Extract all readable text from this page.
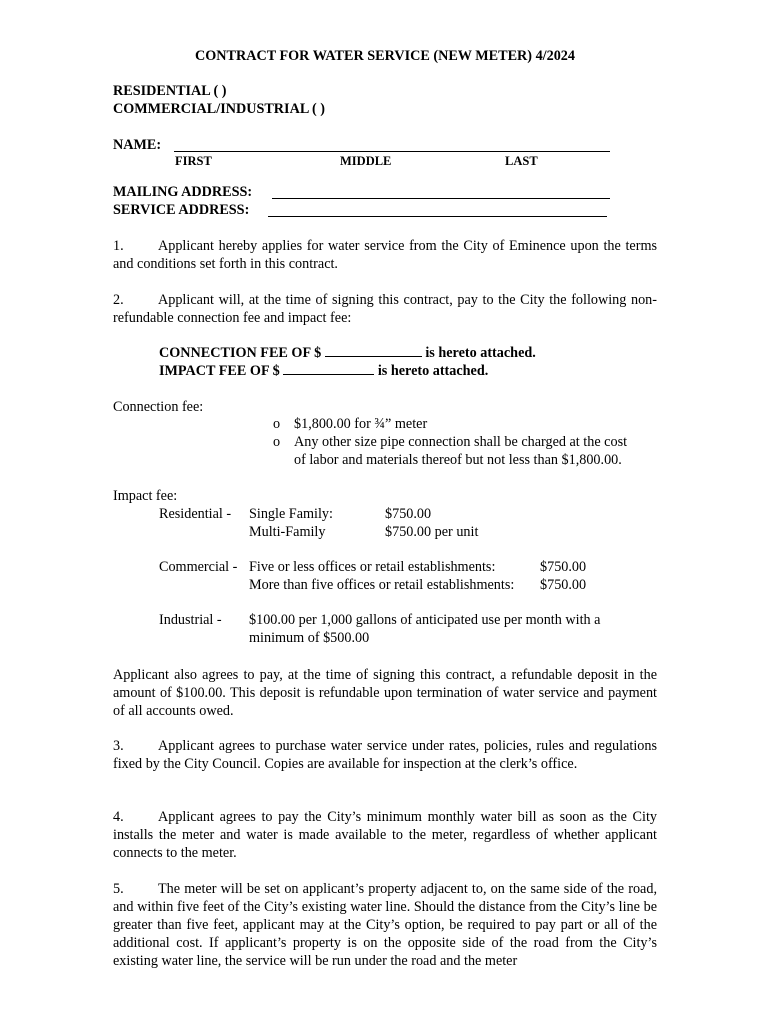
CONTRACT FOR WATER SERVICE (NEW METER) 4/2024
RESIDENTIAL ( )
COMMERCIAL/INDUSTRIAL ( )
NAME:
FIRST	MIDDLE	LAST
MAILING ADDRESS:
SERVICE ADDRESS:
1. Applicant hereby applies for water service from the City of Eminence upon the terms and conditions set forth in this contract.
2. Applicant will, at the time of signing this contract, pay to the City the following non-refundable connection fee and impact fee:
CONNECTION FEE OF $	is hereto attached.
IMPACT FEE OF $	is hereto attached.
Connection fee:
o $1,800.00 for ¾” meter
o Any other size pipe connection shall be charged at the cost
of labor and materials thereof but not less than $1,800.00.
Impact fee:
Residential - Single Family:	$750.00
Multi-Family	$750.00 per unit
Commercial - Five or less offices or retail establishments:	$750.00
More than five offices or retail establishments: $750.00
Industrial - $100.00 per 1,000 gallons of anticipated use per month with a
minimum of $500.00
Applicant also agrees to pay, at the time of signing this contract, a refundable deposit in the amount of $100.00. This deposit is refundable upon termination of water service and payment of all accounts owed.
3. Applicant agrees to purchase water service under rates, policies, rules and regulations fixed by the City Council. Copies are available for inspection at the clerk’s office.
4. Applicant agrees to pay the City’s minimum monthly water bill as soon as the City installs the meter and water is made available to the meter, regardless of whether applicant connects to the meter.
5. The meter will be set on applicant’s property adjacent to, on the same side of the road, and within five feet of the City’s existing water line. Should the distance from the City’s line be greater than five feet, applicant may at the City’s option, be required to pay part or all of the additional cost. If applicant’s property is on the opposite side of the road from the City’s existing water line, the service will be run under the road and the meter
